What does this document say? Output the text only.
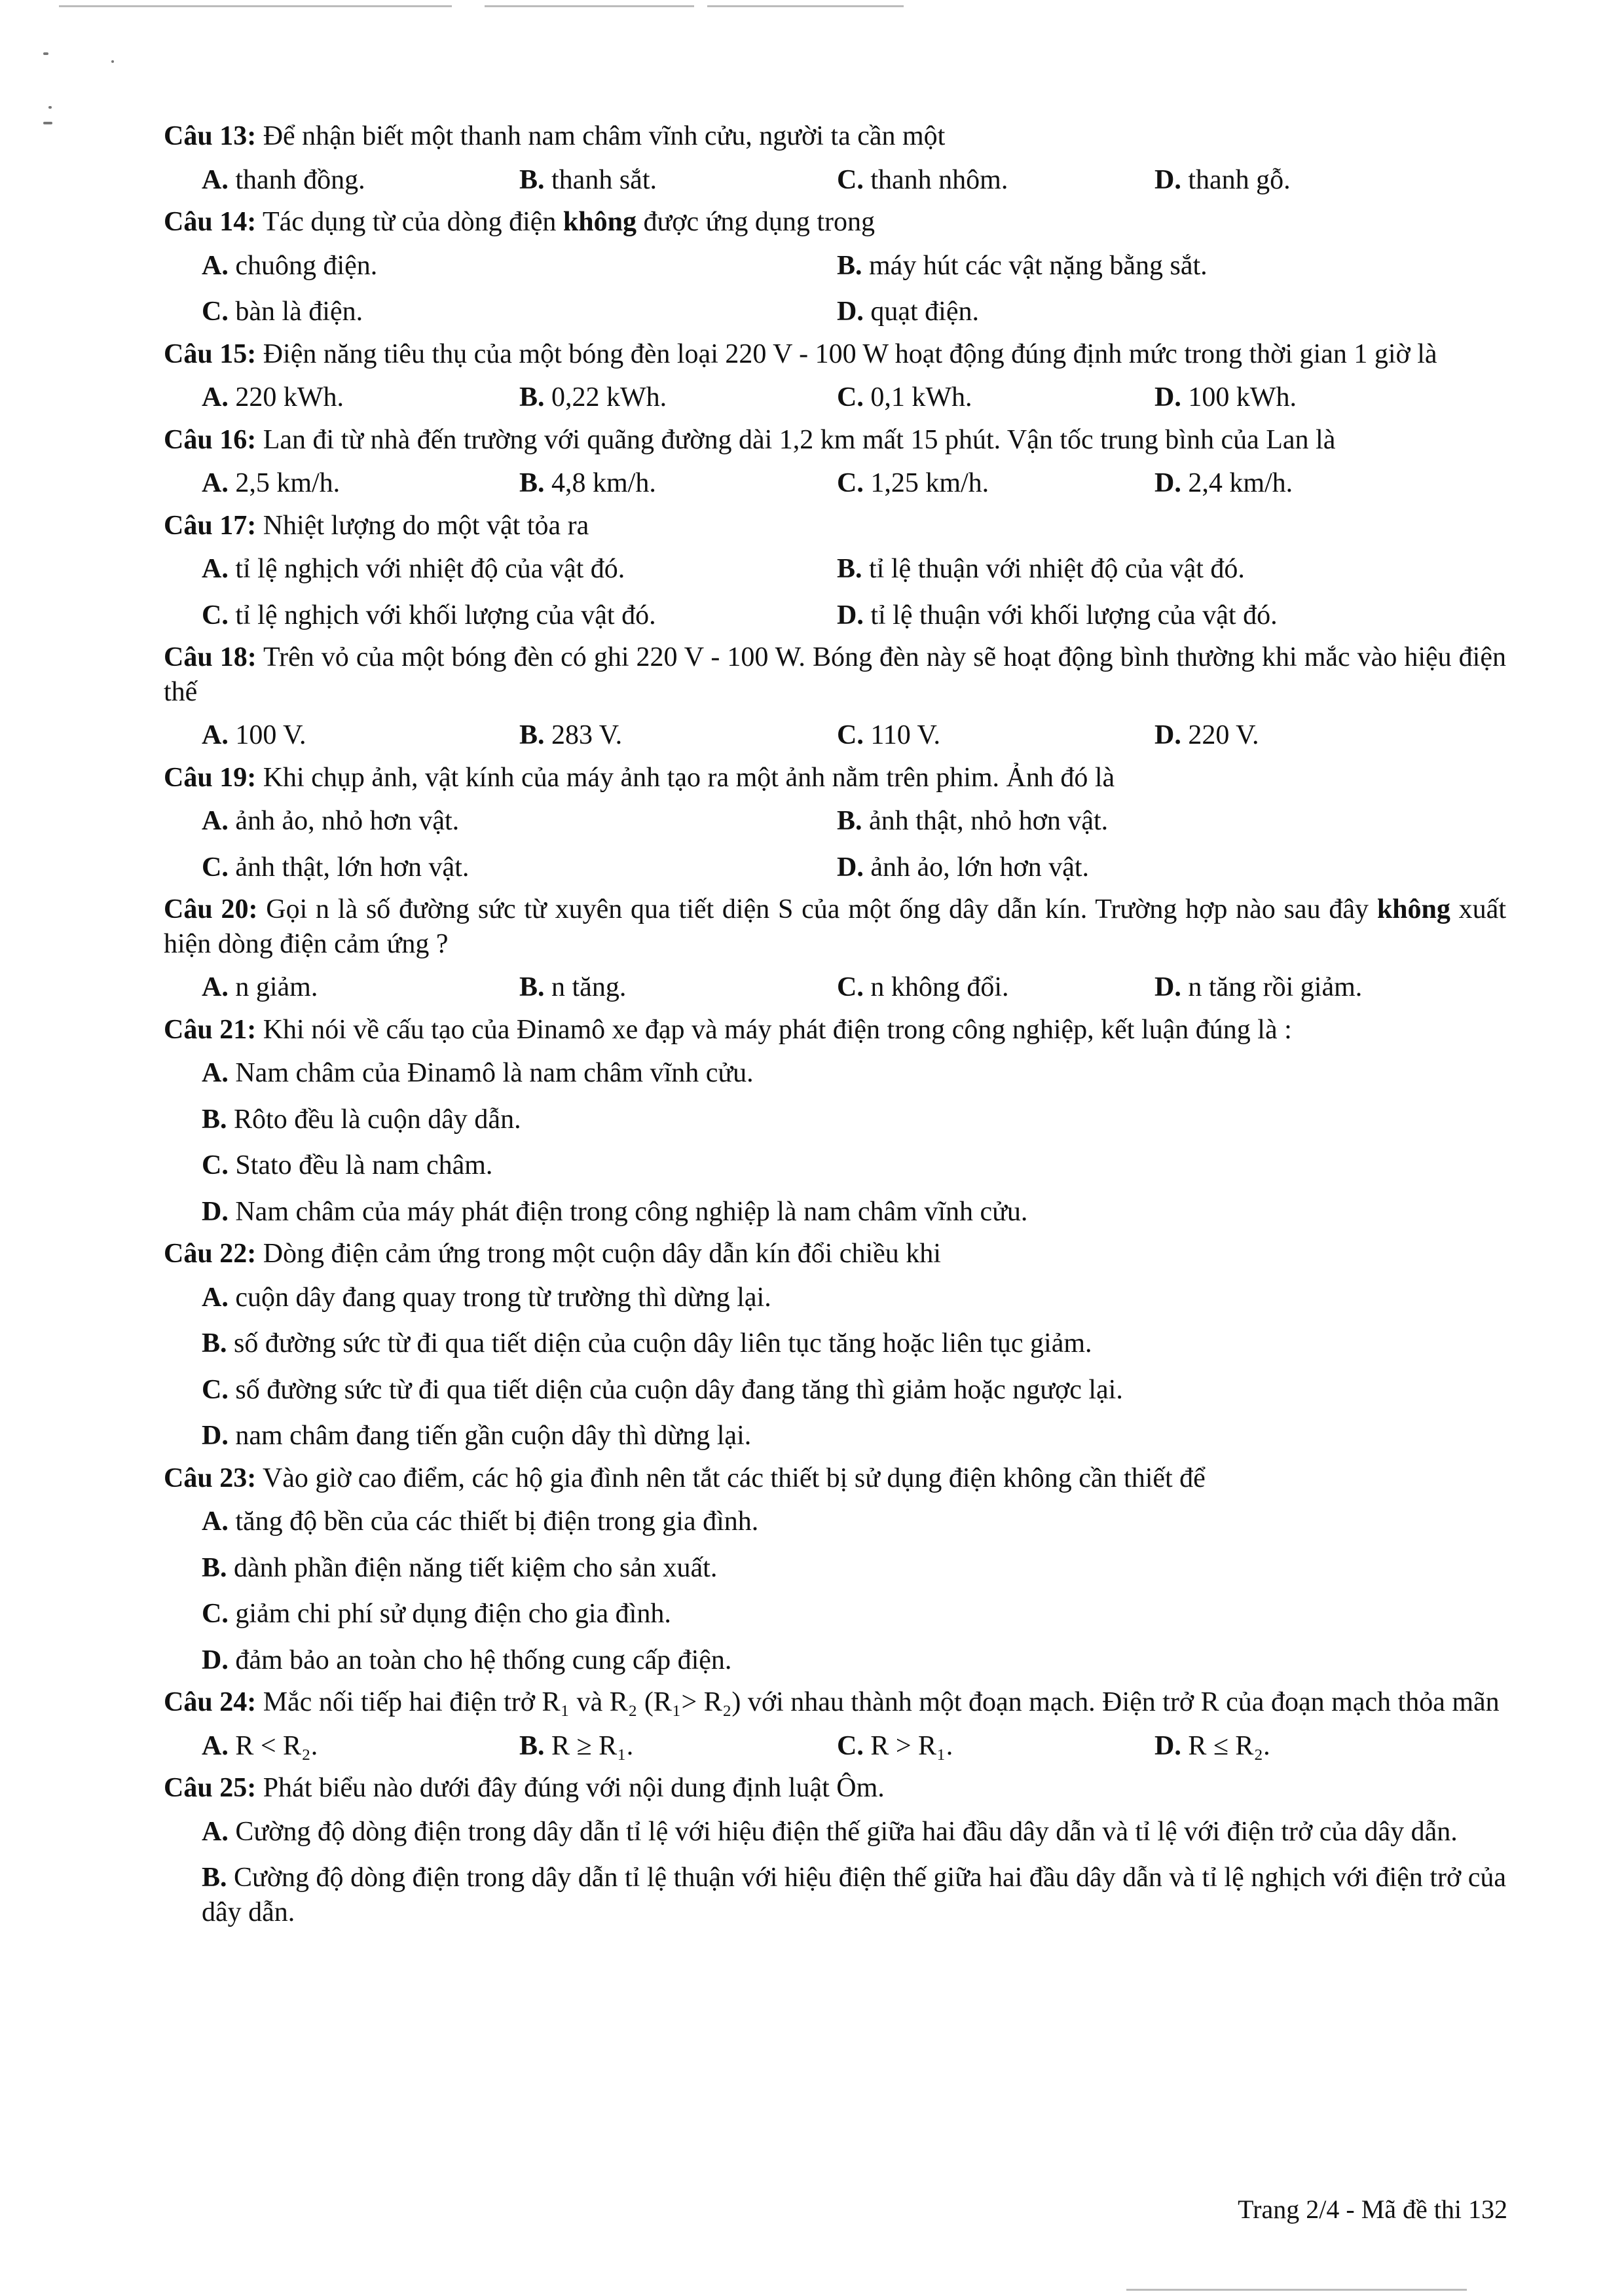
Câu 13: Để nhận biết một thanh nam châm vĩnh cửu, người ta cần một

A. thanh đồng.	B. thanh sắt.	C. thanh nhôm.	D. thanh gỗ.

Câu 14: Tác dụng từ của dòng điện không được ứng dụng trong

A. chuông điện.	B. máy hút các vật nặng bằng sắt.

C. bàn là điện.	D. quạt điện.

Câu 15: Điện năng tiêu thụ của một bóng đèn loại 220 V - 100 W hoạt động đúng định mức trong thời gian 1 giờ là

A. 220 kWh.	B. 0,22 kWh.	C. 0,1 kWh.	D. 100 kWh.

Câu 16: Lan đi từ nhà đến trường với quãng đường dài 1,2 km mất 15 phút. Vận tốc trung bình của Lan là

A. 2,5 km/h.	B. 4,8 km/h.	C. 1,25 km/h.	D. 2,4 km/h.

Câu 17: Nhiệt lượng do một vật tỏa ra

A. tỉ lệ nghịch với nhiệt độ của vật đó.	B. tỉ lệ thuận với nhiệt độ của vật đó.

C. tỉ lệ nghịch với khối lượng của vật đó.	D. tỉ lệ thuận với khối lượng của vật đó.

Câu 18: Trên vỏ của một bóng đèn có ghi 220 V - 100 W. Bóng đèn này sẽ hoạt động bình thường khi mắc vào hiệu điện thế

A. 100 V.	B. 283 V.	C. 110 V.	D. 220 V.

Câu 19: Khi chụp ảnh, vật kính của máy ảnh tạo ra một ảnh nằm trên phim. Ảnh đó là

A. ảnh ảo, nhỏ hơn vật.	B. ảnh thật, nhỏ hơn vật.

C. ảnh thật, lớn hơn vật.	D. ảnh ảo, lớn hơn vật.

Câu 20: Gọi n là số đường sức từ xuyên qua tiết diện S của một ống dây dẫn kín. Trường hợp nào sau đây không xuất hiện dòng điện cảm ứng ?

A. n giảm.	B. n tăng.	C. n không đổi.	D. n tăng rồi giảm.

Câu 21: Khi nói về cấu tạo của Đinamô xe đạp và máy phát điện trong công nghiệp, kết luận đúng là :

A. Nam châm của Đinamô là nam châm vĩnh cửu.

B. Rôto đều là cuộn dây dẫn.

C. Stato đều là nam châm.

D. Nam châm của máy phát điện trong công nghiệp là nam châm vĩnh cửu.

Câu 22: Dòng điện cảm ứng trong một cuộn dây dẫn kín đổi chiều khi

A. cuộn dây đang quay trong từ trường thì dừng lại.

B. số đường sức từ đi qua tiết diện của cuộn dây liên tục tăng hoặc liên tục giảm.

C. số đường sức từ đi qua tiết diện của cuộn dây đang tăng thì giảm hoặc ngược lại.

D. nam châm đang tiến gần cuộn dây thì dừng lại.

Câu 23: Vào giờ cao điểm, các hộ gia đình nên tắt các thiết bị sử dụng điện không cần thiết để

A. tăng độ bền của các thiết bị điện trong gia đình.

B. dành phần điện năng tiết kiệm cho sản xuất.

C. giảm chi phí sử dụng điện cho gia đình.

D. đảm bảo an toàn cho hệ thống cung cấp điện.

Câu 24: Mắc nối tiếp hai điện trở R₁ và R₂ (R₁> R₂) với nhau thành một đoạn mạch. Điện trở R của đoạn mạch thỏa mãn

A. R < R₂.	B. R ≥ R₁.	C. R > R₁.	D. R ≤ R₂.

Câu 25: Phát biểu nào dưới đây đúng với nội dung định luật Ôm.

A. Cường độ dòng điện trong dây dẫn tỉ lệ với hiệu điện thế giữa hai đầu dây dẫn và tỉ lệ với điện trở của dây dẫn.

B. Cường độ dòng điện trong dây dẫn tỉ lệ thuận với hiệu điện thế giữa hai đầu dây dẫn và tỉ lệ nghịch với điện trở của dây dẫn.

Trang 2/4 - Mã đề thi 132
